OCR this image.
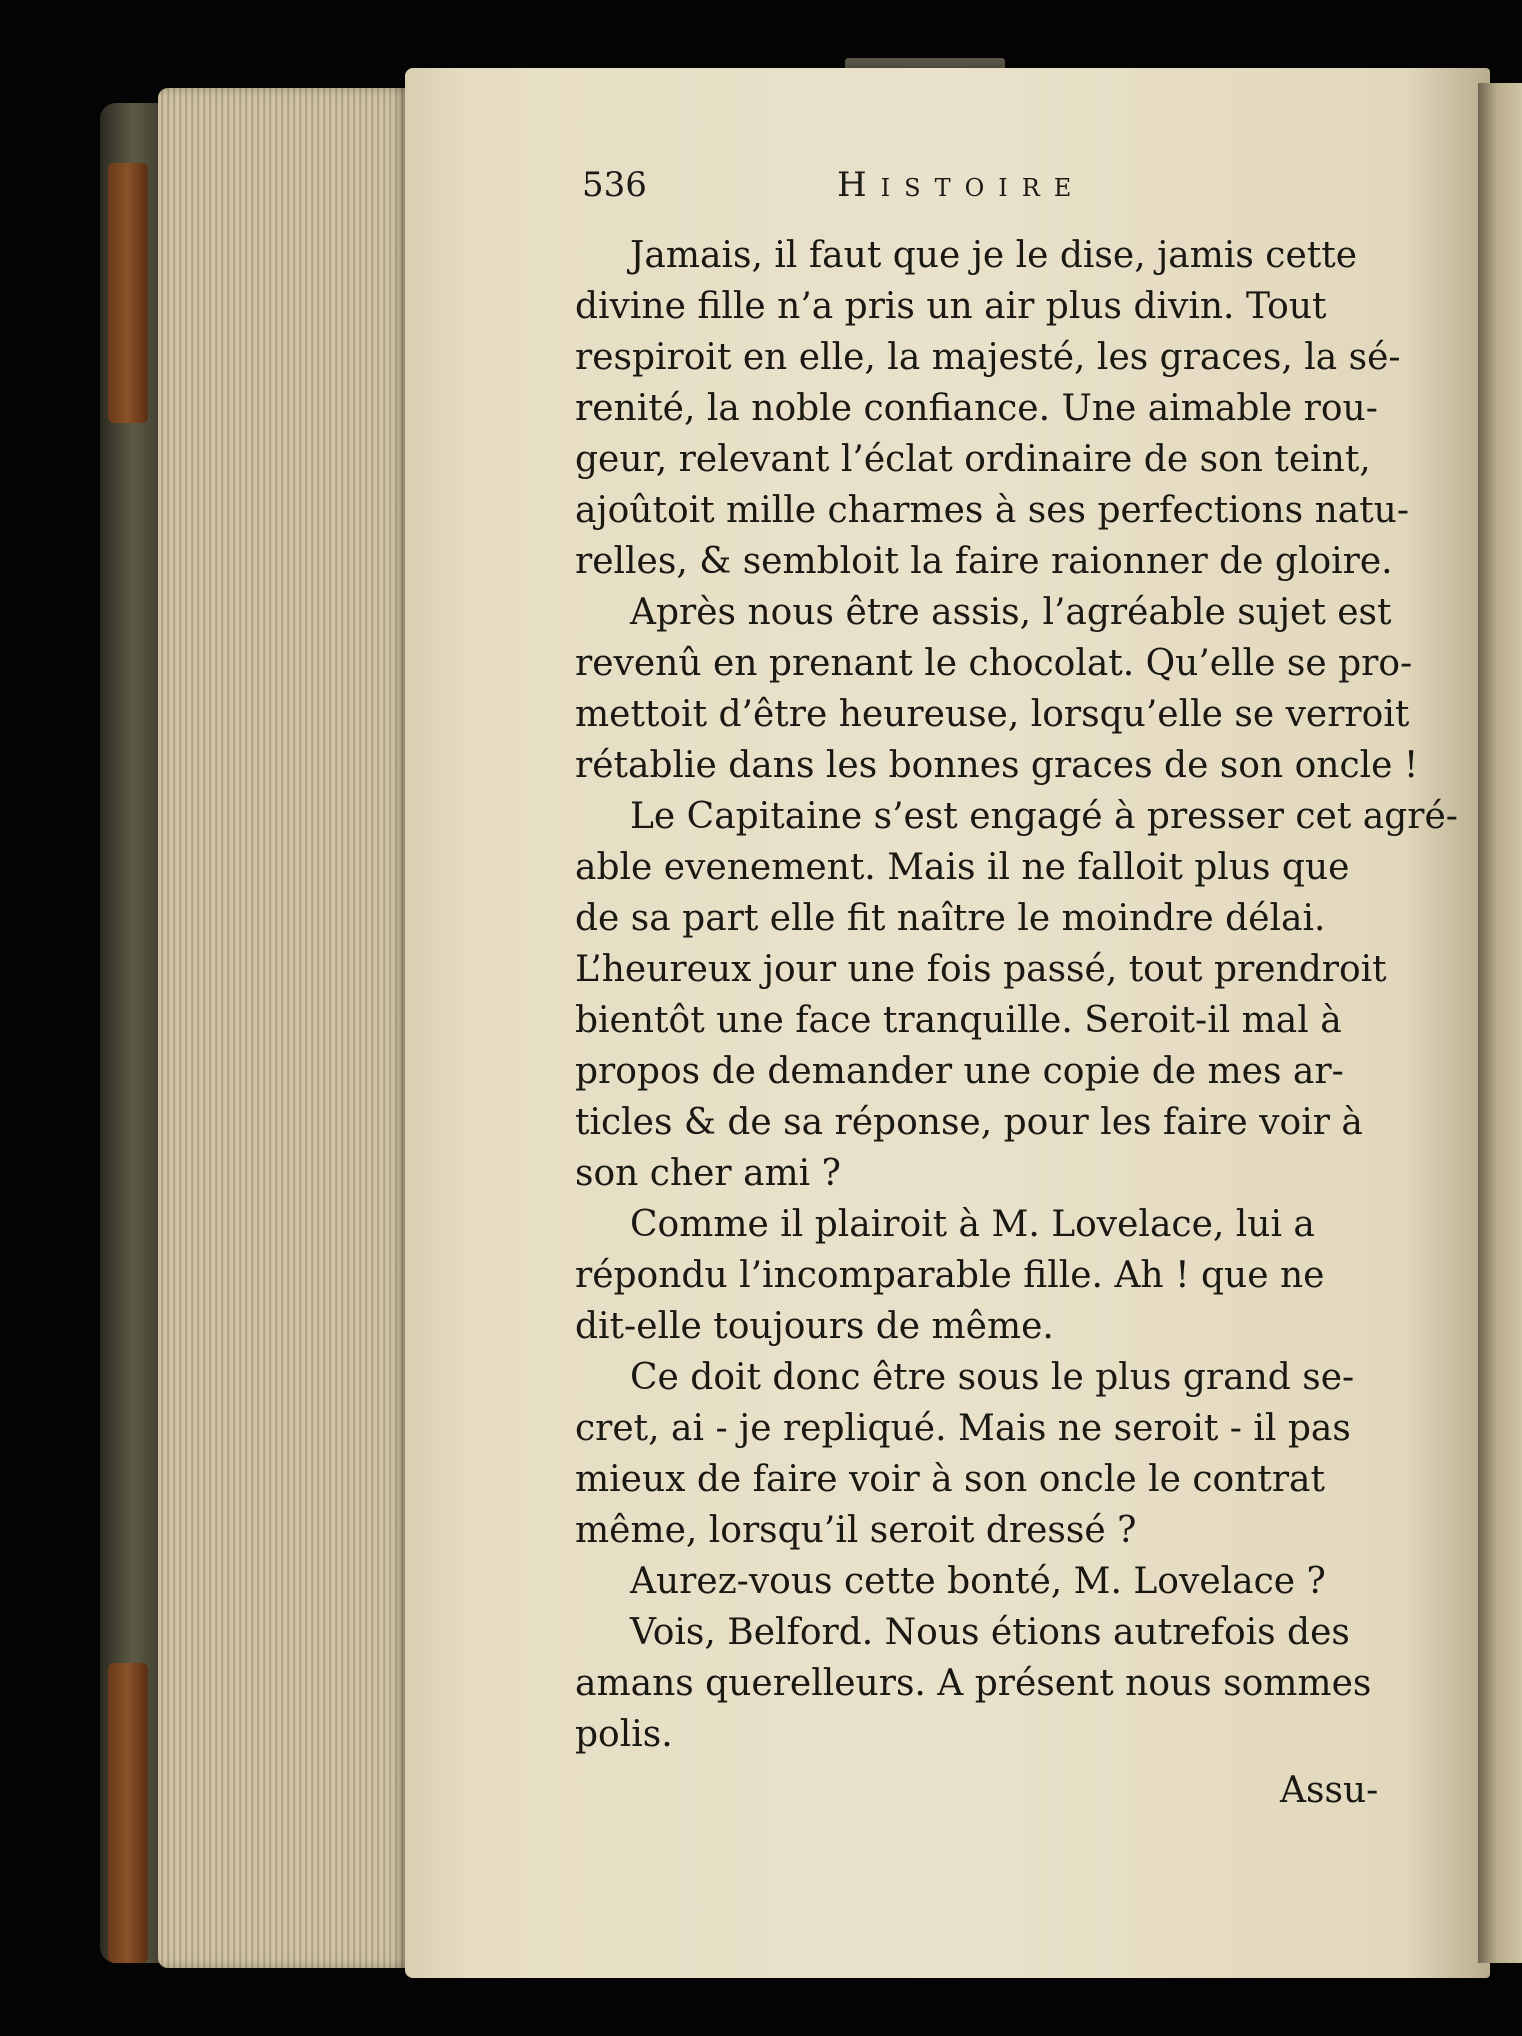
536	Histoire
Jamais, il faut que je le dise, jamis cette
divine fille n’a pris un air plus divin. Tout
respiroit en elle, la majesté, les graces, la sé-
renité, la noble confiance. Une aimable rou-
geur, relevant l’éclat ordinaire de son teint,
ajoûtoit mille charmes à ses perfections natu-
relles, & sembloit la faire raionner de gloire.
Après nous être assis, l’agréable sujet est
revenû en prenant le chocolat. Qu’elle se pro-
mettoit d’être heureuse, lorsqu’elle se verroit
rétablie dans les bonnes graces de son oncle !
Le Capitaine s’est engagé à presser cet agré-
able evenement. Mais il ne falloit plus que
de sa part elle fit naître le moindre délai.
L’heureux jour une fois passé, tout prendroit
bientôt une face tranquille. Seroit-il mal à
propos de demander une copie de mes ar-
ticles & de sa réponse, pour les faire voir à
son cher ami ?
Comme il plairoit à M. Lovelace, lui a
répondu l’incomparable fille. Ah ! que ne
dit-elle toujours de même.
Ce doit donc être sous le plus grand se-
cret, ai - je repliqué. Mais ne seroit - il pas
mieux de faire voir à son oncle le contrat
même, lorsqu’il seroit dressé ?
Aurez-vous cette bonté, M. Lovelace ?
Vois, Belford. Nous étions autrefois des
amans querelleurs. A présent nous sommes
polis.
Assu-
